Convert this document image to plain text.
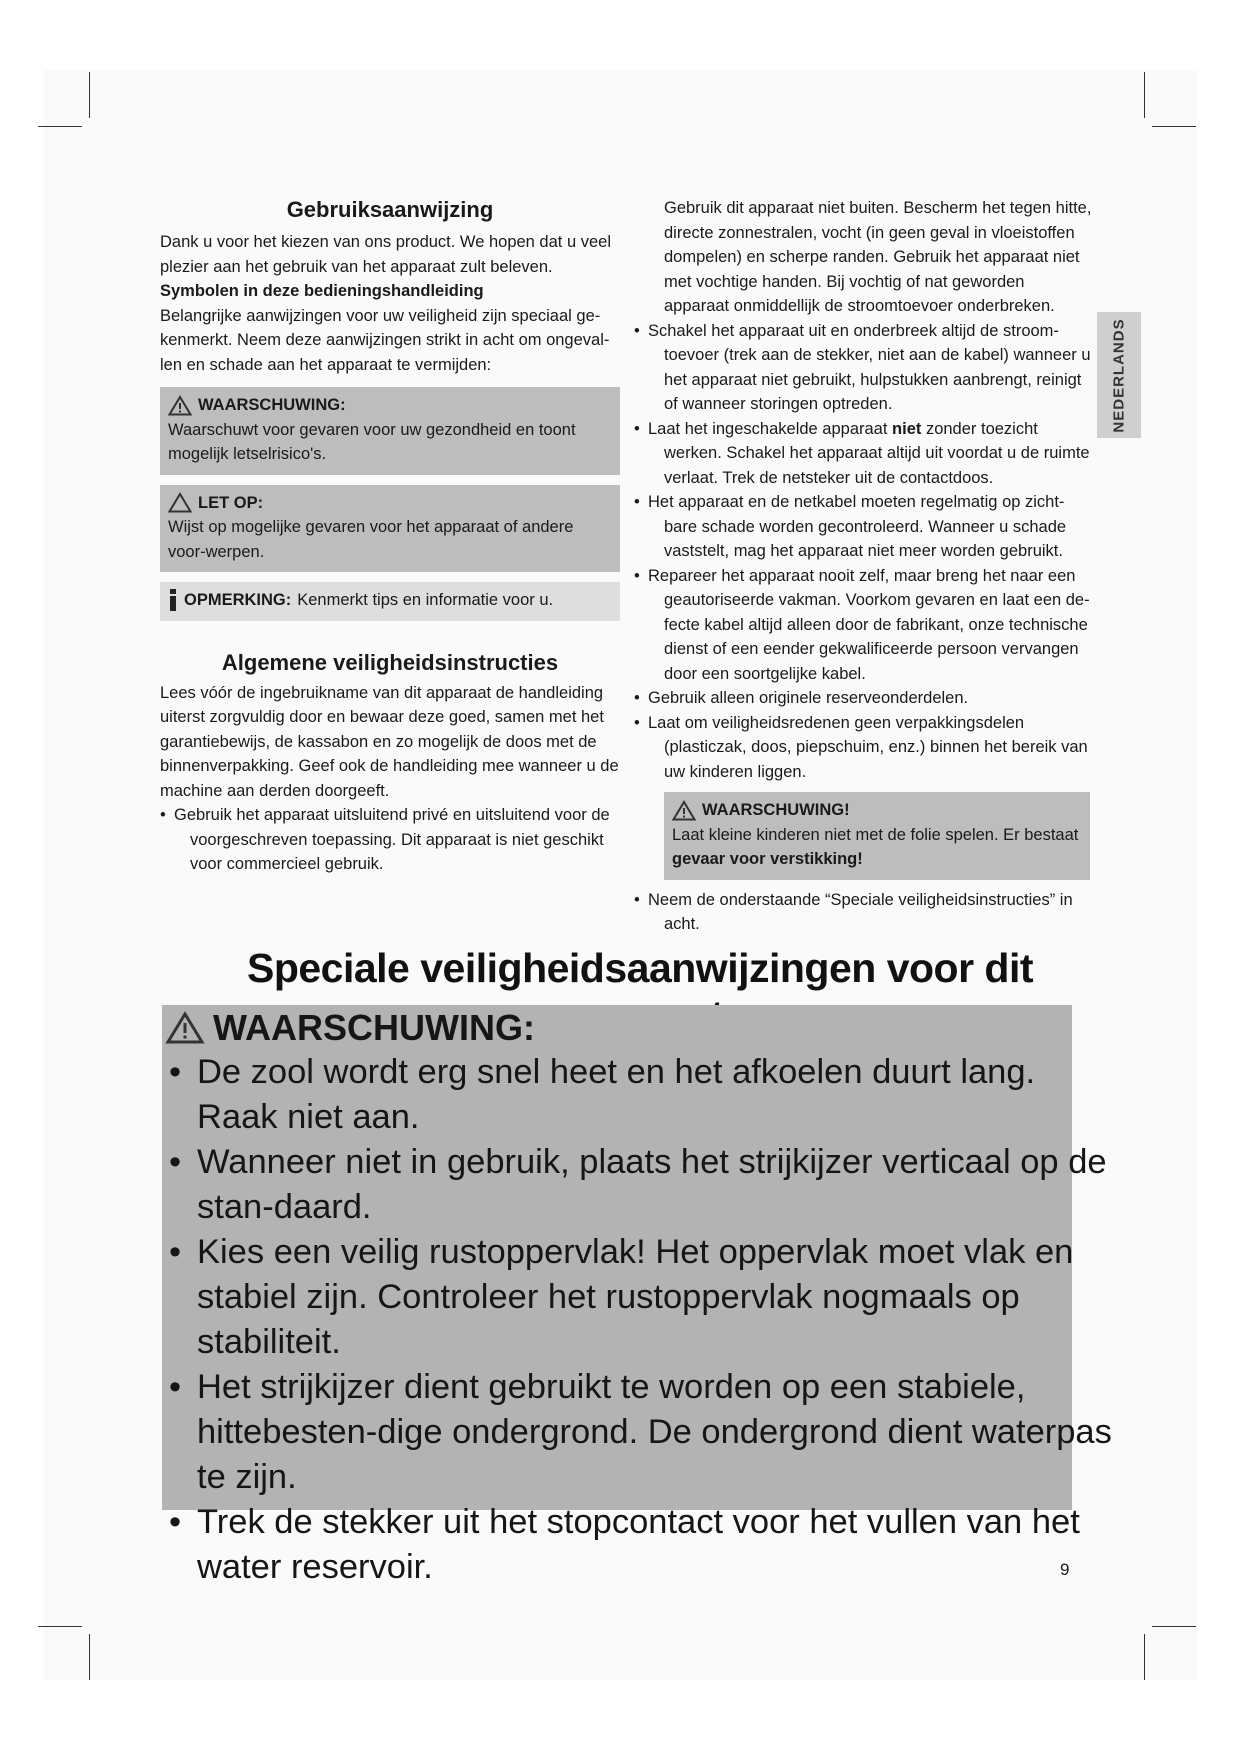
NEDERLANDS

Gebruiksaanwijzing

Dank u voor het kiezen van ons product. We hopen dat u veel plezier aan het gebruik van het apparaat zult beleven.

Symbolen in deze bedieningshandleiding

Belangrijke aanwijzingen voor uw veiligheid zijn speciaal ge-kenmerkt. Neem deze aanwijzingen strikt in acht om ongeval-len en schade aan het apparaat te vermijden:

WAARSCHUWING:

Waarschuwt voor gevaren voor uw gezondheid en toont mogelijk letselrisico's.

LET OP:

Wijst op mogelijke gevaren voor het apparaat of andere voor-werpen.

OPMERKING: Kenmerkt tips en informatie voor u.

Algemene veiligheidsinstructies

Lees vóór de ingebruikname van dit apparaat de handleiding uiterst zorgvuldig door en bewaar deze goed, samen met het garantiebewijs, de kassabon en zo mogelijk de doos met de binnenverpakking. Geef ook de handleiding mee wanneer u de machine aan derden doorgeeft.

• Gebruik het apparaat uitsluitend privé en uitsluitend voor de voorgeschreven toepassing. Dit apparaat is niet geschikt voor commercieel gebruik.

Gebruik dit apparaat niet buiten. Bescherm het tegen hitte, directe zonnestralen, vocht (in geen geval in vloeistoffen dompelen) en scherpe randen. Gebruik het apparaat niet met vochtige handen. Bij vochtig of nat geworden apparaat onmiddellijk de stroomtoevoer onderbreken.

• Schakel het apparaat uit en onderbreek altijd de stroom-toevoer (trek aan de stekker, niet aan de kabel) wanneer u het apparaat niet gebruikt, hulpstukken aanbrengt, reinigt of wanneer storingen optreden.
• Laat het ingeschakelde apparaat niet zonder toezicht werken. Schakel het apparaat altijd uit voordat u de ruimte verlaat. Trek de netsteker uit de contactdoos.
• Het apparaat en de netkabel moeten regelmatig op zicht-bare schade worden gecontroleerd. Wanneer u schade vaststelt, mag het apparaat niet meer worden gebruikt.
• Repareer het apparaat nooit zelf, maar breng het naar een geautoriseerde vakman. Voorkom gevaren en laat een de-fecte kabel altijd alleen door de fabrikant, onze technische dienst of een eender gekwalificeerde persoon vervangen door een soortgelijke kabel.
• Gebruik alleen originele reserveonderdelen.
• Laat om veiligheidsredenen geen verpakkingsdelen (plasticzak, doos, piepschuim, enz.) binnen het bereik van uw kinderen liggen.
WAARSCHUWING!

Laat kleine kinderen niet met de folie spelen. Er bestaat
gevaar voor verstikking!

• Neem de onderstaande “Speciale veiligheidsinstructies” in acht.
Speciale veiligheidsaanwijzingen voor dit
WAARSCHUWING:
• De zool wordt erg snel heet en het afkoelen duurt lang. Raak niet aan.
• Wanneer niet in gebruik, plaats het strijkijzer verticaal op de stan-daard.
• Kies een veilig rustoppervlak! Het oppervlak moet vlak en stabiel zijn. Controleer het rustoppervlak nogmaals op stabiliteit.
• Het strijkijzer dient gebruikt te worden op een stabiele, hittebesten-dige ondergrond. De ondergrond dient waterpas te zijn.
• Trek de stekker uit het stopcontact voor het vullen van het water reservoir.	9
